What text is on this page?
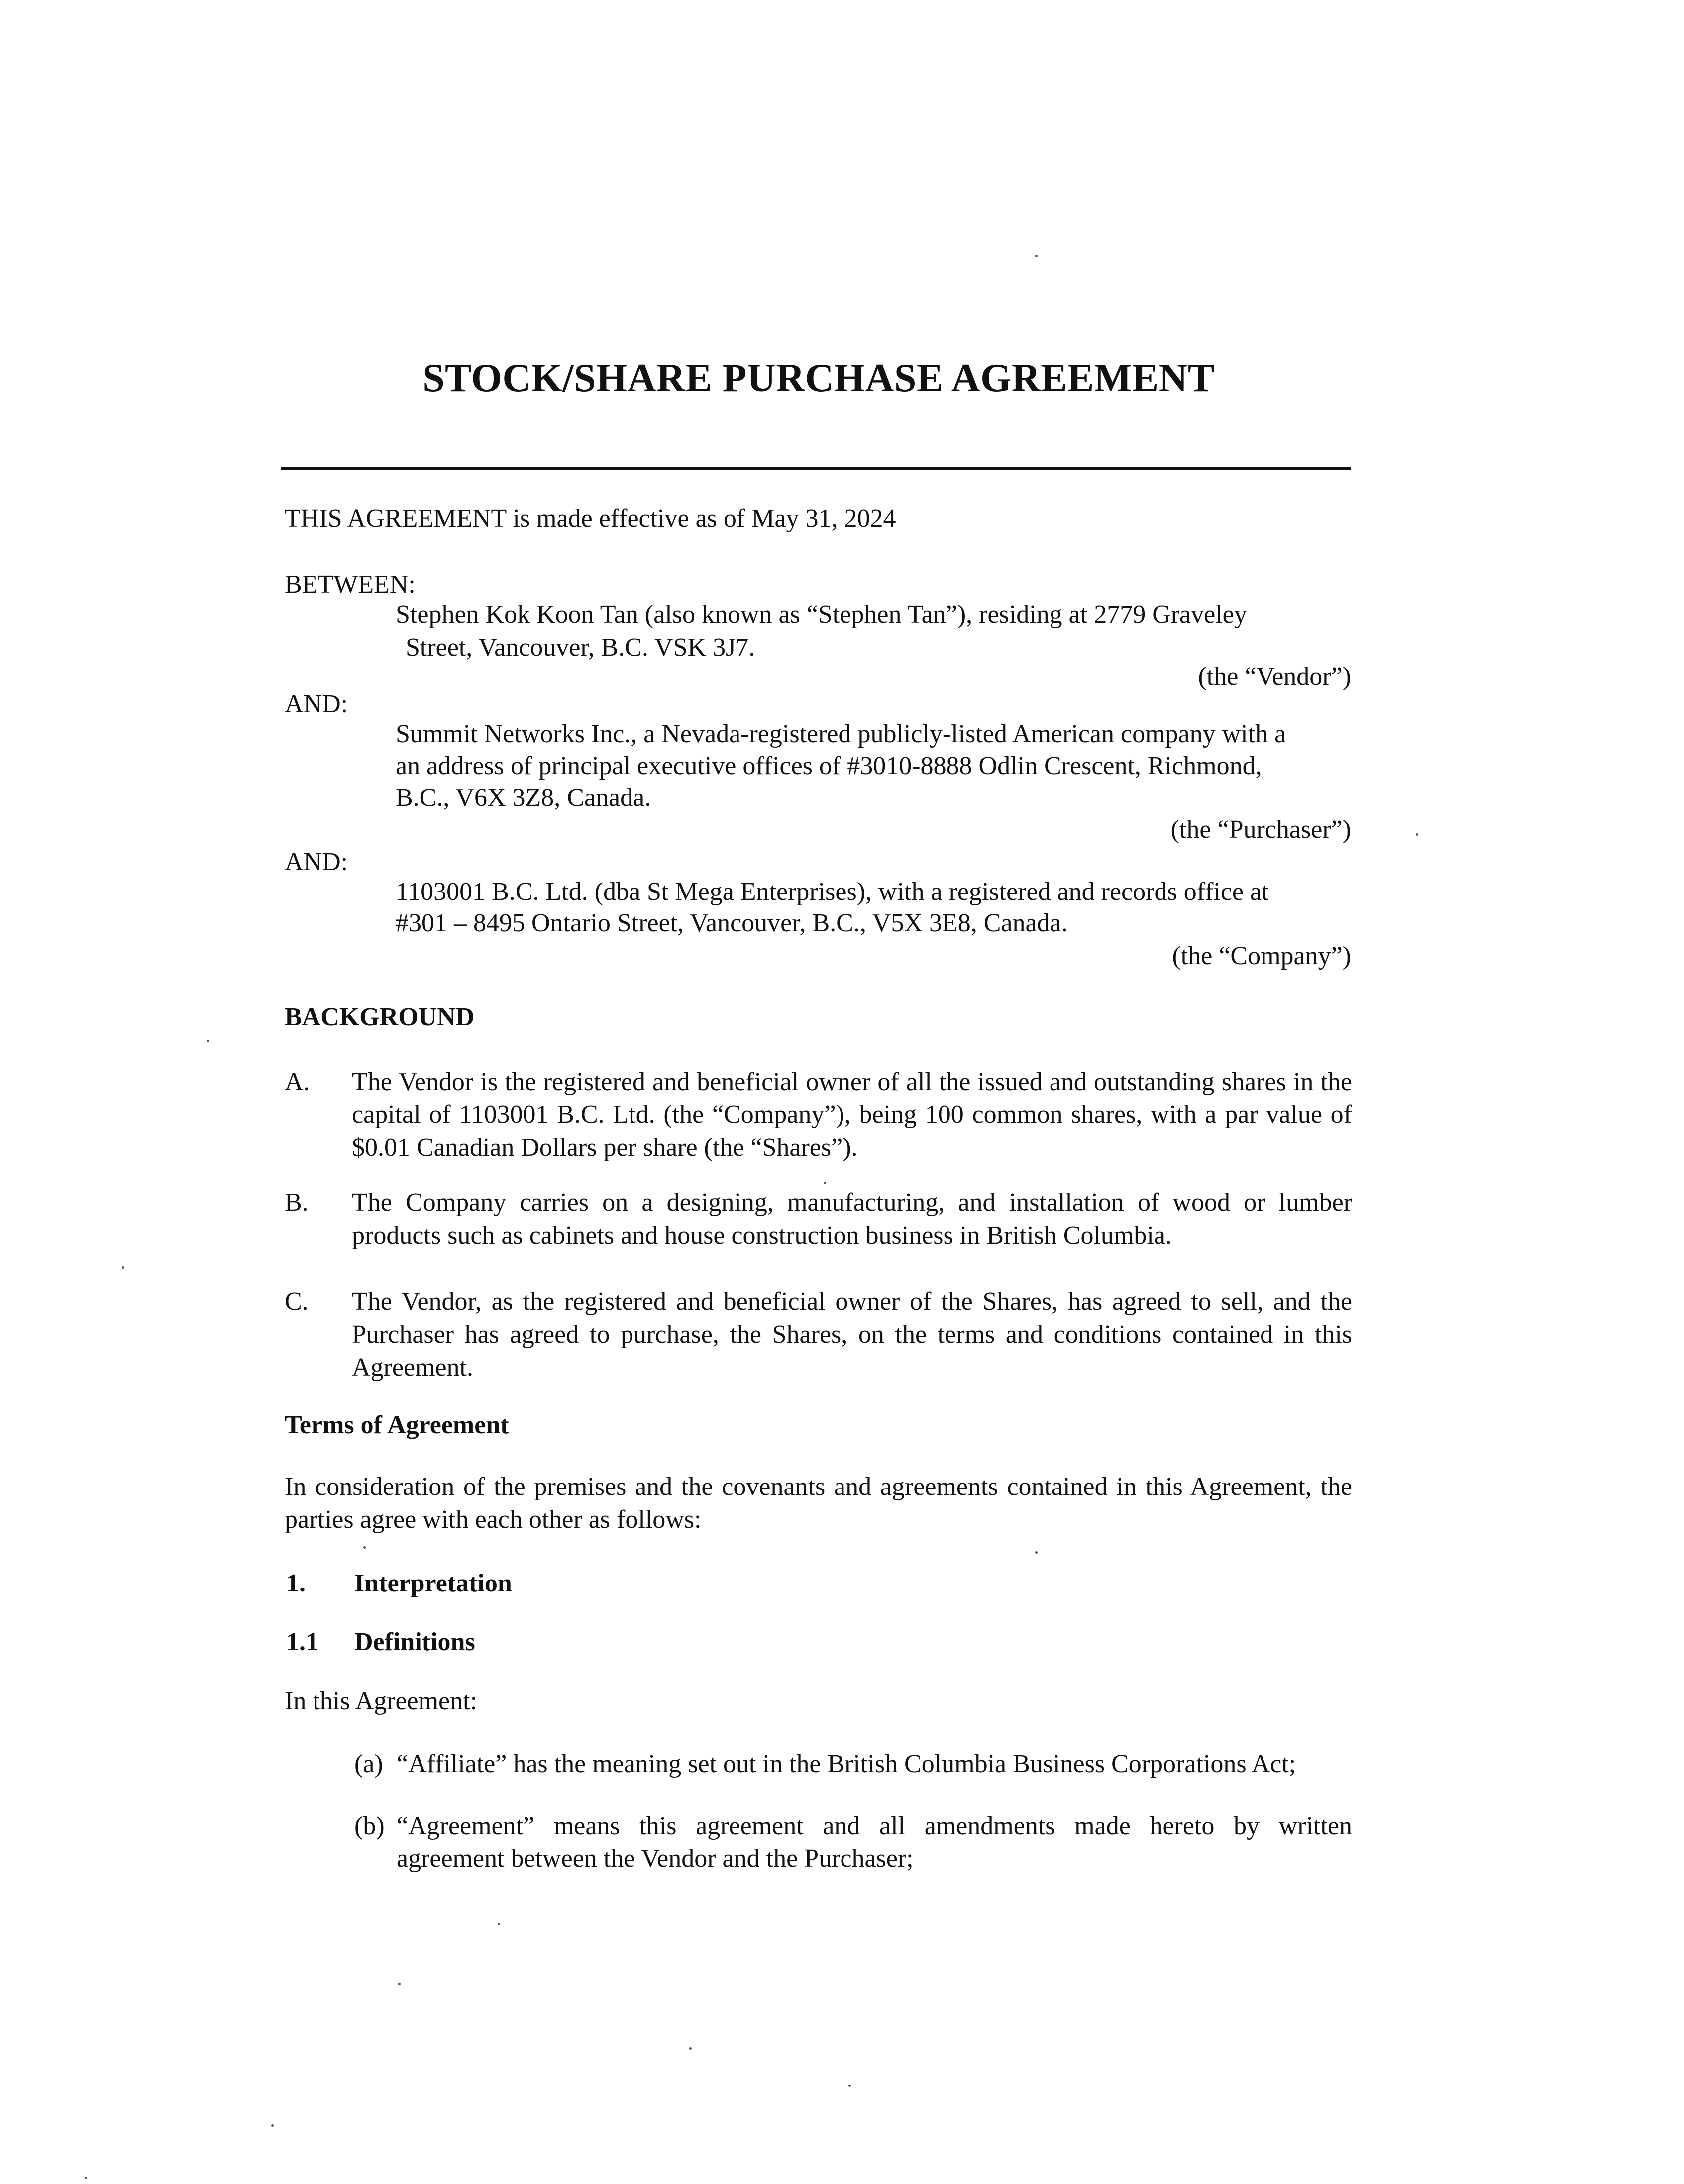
STOCK/SHARE PURCHASE AGREEMENT
THIS AGREEMENT is made effective as of May 31, 2024
BETWEEN:
Stephen Kok Koon Tan (also known as “Stephen Tan”), residing at 2779 Graveley
Street, Vancouver, B.C. VSK 3J7.
(the “Vendor”)
AND:
Summit Networks Inc., a Nevada-registered publicly-listed American company with a
an address of principal executive offices of #3010-8888 Odlin Crescent, Richmond,
B.C., V6X 3Z8, Canada.
(the “Purchaser”)
AND:
1103001 B.C. Ltd. (dba St Mega Enterprises), with a registered and records office at
#301 – 8495 Ontario Street, Vancouver, B.C., V5X 3E8, Canada.
(the “Company”)
BACKGROUND
A.	The Vendor is the registered and beneficial owner of all the issued and outstanding shares in the capital of 1103001 B.C. Ltd. (the “Company”), being 100 common shares, with a par value of $0.01 Canadian Dollars per share (the “Shares”).
B.	The Company carries on a designing, manufacturing, and installation of wood or lumber products such as cabinets and house construction business in British Columbia.
C.	The Vendor, as the registered and beneficial owner of the Shares, has agreed to sell, and the Purchaser has agreed to purchase, the Shares, on the terms and conditions contained in this Agreement.
Terms of Agreement
In consideration of the premises and the covenants and agreements contained in this Agreement, the parties agree with each other as follows:
1.	Interpretation
1.1	Definitions
In this Agreement:
(a) “Affiliate” has the meaning set out in the British Columbia Business Corporations Act;
(b) “Agreement” means this agreement and all amendments made hereto by written
agreement between the Vendor and the Purchaser;
